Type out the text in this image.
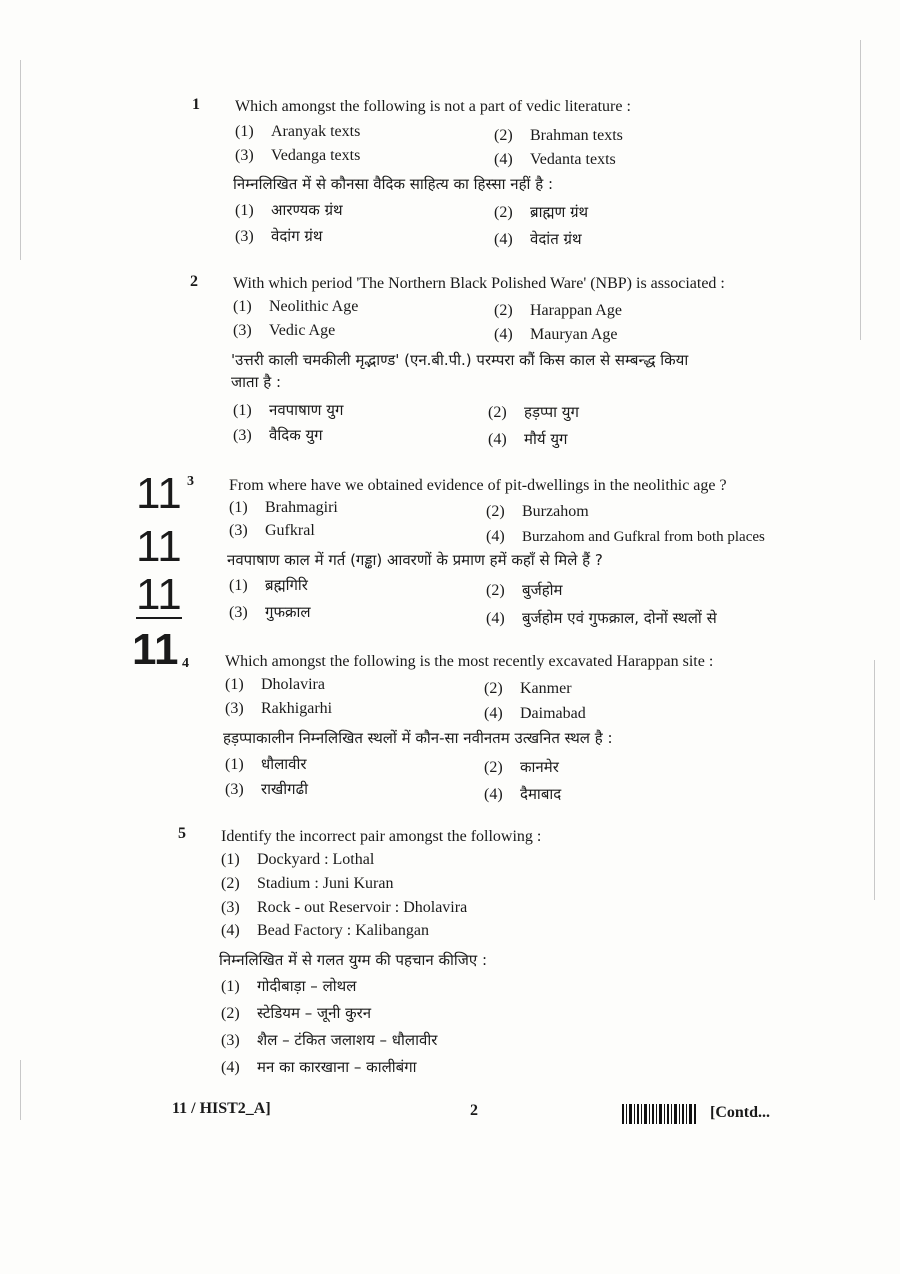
11
11
11
11
1 Which amongst the following is not a part of vedic literature :
(1) Aranyak texts	(2) Brahman texts
(3) Vedanga texts	(4) Vedanta texts
निम्नलिखित में से कौनसा वैदिक साहित्य का हिस्सा नहीं है :
(1) आरण्यक ग्रंथ	(2) ब्राह्मण ग्रंथ
(3) वेदांग ग्रंथ	(4) वेदांत ग्रंथ
2 With which period 'The Northern Black Polished Ware' (NBP) is associated :
(1) Neolithic Age	(2) Harappan Age
(3) Vedic Age	(4) Mauryan Age
'उत्तरी काली चमकीली मृद्भाण्ड' (एन.बी.पी.) परम्परा कौं किस काल से सम्बन्द्ध किया
जाता है :
(1) नवपाषाण युग	(2) हड़प्पा युग
(3) वैदिक युग	(4) मौर्य युग
3 From where have we obtained evidence of pit-dwellings in the neolithic age ?
(1) Brahmagiri	(2) Burzahom
(3) Gufkral	(4) Burzahom and Gufkral from both places
नवपाषाण काल में गर्त (गड्ढा) आवरणों के प्रमाण हमें कहाँ से मिले हैं ?
(1) ब्रह्मगिरि	(2) बुर्जहोम
(3) गुफक्राल	(4) बुर्जहोम एवं गुफक्राल, दोनों स्थलों से
4 Which amongst the following is the most recently excavated Harappan site :
(1) Dholavira	(2) Kanmer
(3) Rakhigarhi	(4) Daimabad
हड़प्पाकालीन निम्नलिखित स्थलों में कौन-सा नवीनतम उत्खनित स्थल है :
(1) धौलावीर	(2) कानमेर
(3) राखीगढी	(4) दैमाबाद
5 Identify the incorrect pair amongst the following :
(1) Dockyard : Lothal
(2) Stadium : Juni Kuran
(3) Rock - out Reservoir : Dholavira
(4) Bead Factory : Kalibangan
निम्नलिखित में से गलत युग्म की पहचान कीजिए :
(1) गोदीबाड़ा – लोथल
(2) स्टेडियम – जूनी कुरन
(3) शैल – टंकित जलाशय – धौलावीर
(4) मन का कारखाना – कालीबंगा
11 / HIST2_A]	2	[Contd...
